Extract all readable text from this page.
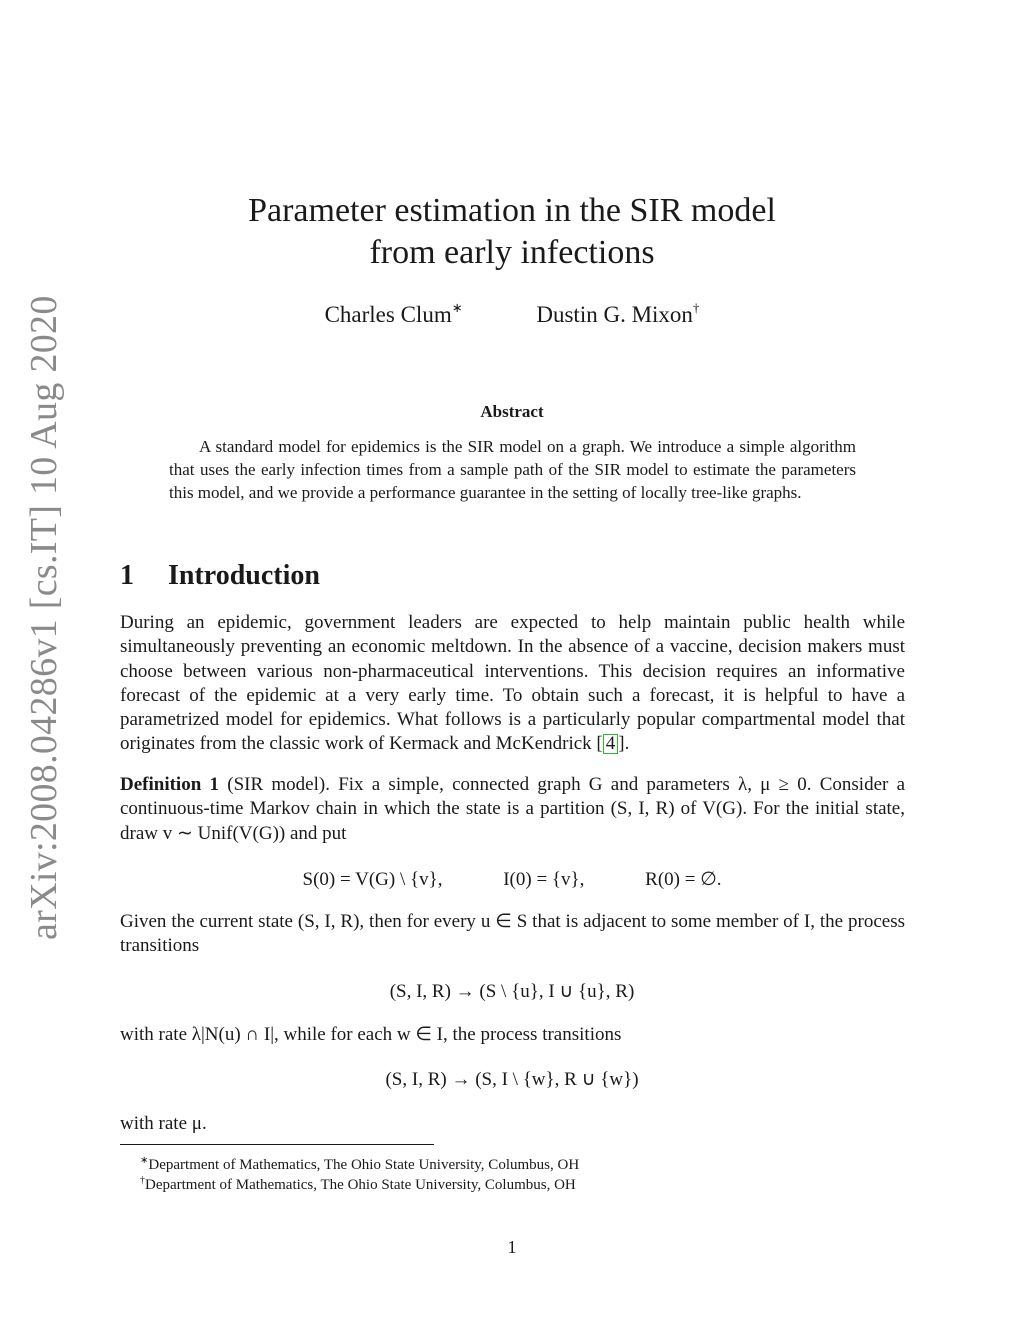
arXiv:2008.04286v1 [cs.IT] 10 Aug 2020
Parameter estimation in the SIR model
from early infections
Charles Clum∗	Dustin G. Mixon†
Abstract
A standard model for epidemics is the SIR model on a graph. We introduce a simple algorithm that uses the early infection times from a sample path of the SIR model to estimate the parameters this model, and we provide a performance guarantee in the setting of locally tree-like graphs.
1 Introduction
During an epidemic, government leaders are expected to help maintain public health while simultaneously preventing an economic meltdown. In the absence of a vaccine, decision makers must choose between various non-pharmaceutical interventions. This decision requires an informative forecast of the epidemic at a very early time. To obtain such a forecast, it is helpful to have a parametrized model for epidemics. What follows is a particularly popular compartmental model that originates from the classic work of Kermack and McKendrick [ 4 ].
Definition 1 (SIR model). Fix a simple, connected graph G and parameters λ, μ ≥ 0. Consider a continuous-time Markov chain in which the state is a partition (S, I, R) of V(G). For the initial state, draw v ∼ Unif(V(G)) and put
S(0) = V(G) \ {v},	I(0) = {v},	R(0) = ∅.
Given the current state (S, I, R), then for every u ∈ S that is adjacent to some member of I, the process transitions
(S, I, R) → (S \ {u}, I ∪ {u}, R)
with rate λ|N(u) ∩ I|, while for each w ∈ I, the process transitions
(S, I, R) → (S, I \ {w}, R ∪ {w})
with rate μ.
∗Department of Mathematics, The Ohio State University, Columbus, OH
†Department of Mathematics, The Ohio State University, Columbus, OH
1
